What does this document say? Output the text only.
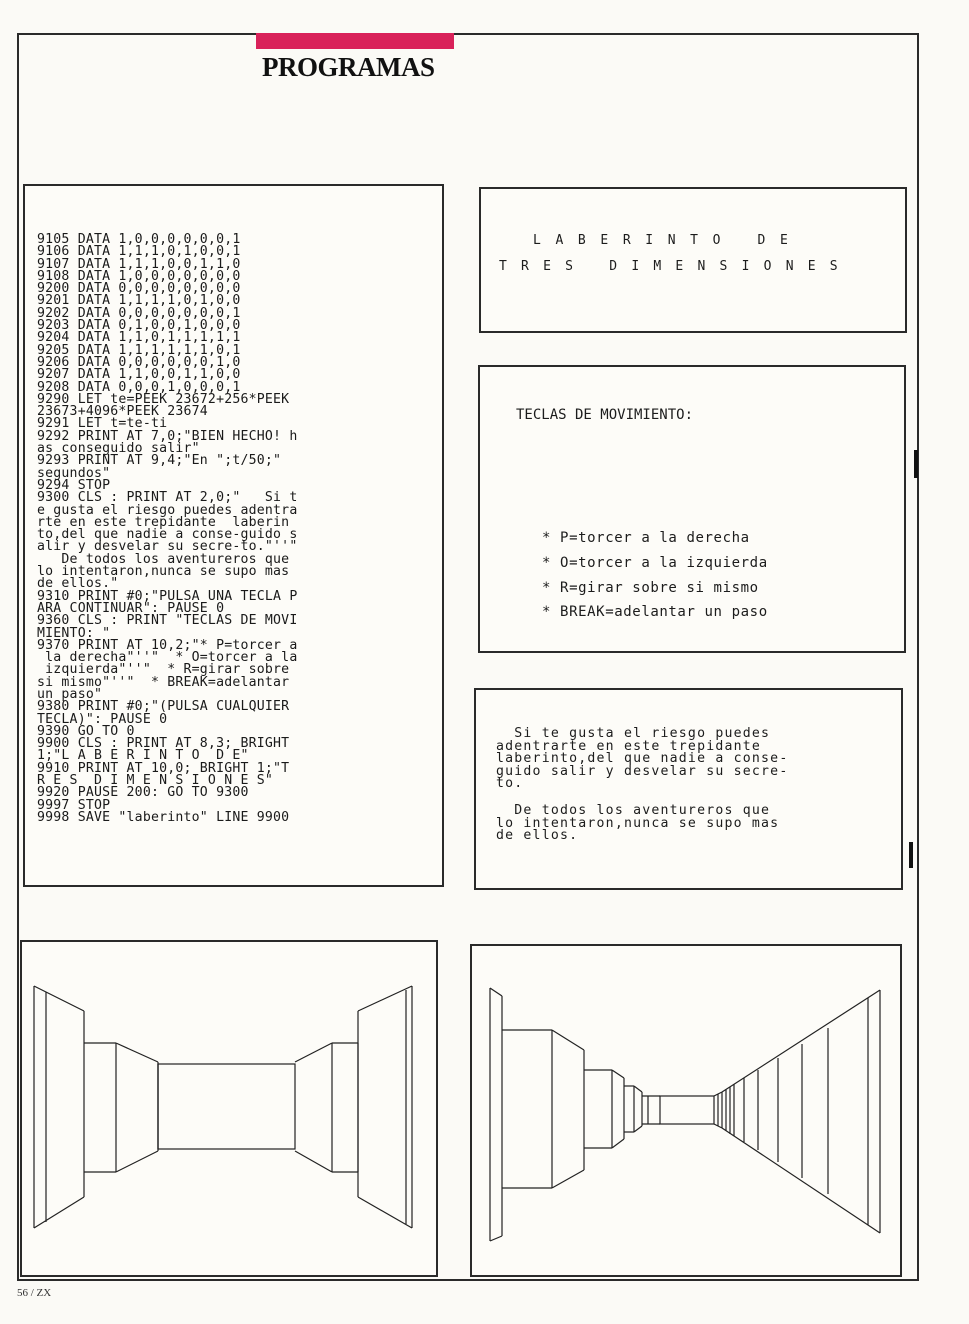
PROGRAMAS
9105 DATA 1,0,0,0,0,0,0,1
9106 DATA 1,1,1,0,1,0,0,1
9107 DATA 1,1,1,0,0,1,1,0
9108 DATA 1,0,0,0,0,0,0,0
9200 DATA 0,0,0,0,0,0,0,0
9201 DATA 1,1,1,1,0,1,0,0
9202 DATA 0,0,0,0,0,0,0,1
9203 DATA 0,1,0,0,1,0,0,0
9204 DATA 1,1,0,1,1,1,1,1
9205 DATA 1,1,1,1,1,1,0,1
9206 DATA 0,0,0,0,0,0,1,0
9207 DATA 1,1,0,0,1,1,0,0
9208 DATA 0,0,0,1,0,0,0,1
9290 LET te=PEEK 23672+256*PEEK
23673+4096*PEEK 23674
9291 LET t=te-ti
9292 PRINT AT 7,0;"BIEN HECHO! h
as conseguido salir"
9293 PRINT AT 9,4;"En ";t/50;"
segundos"
9294 STOP
9300 CLS : PRINT AT 2,0;"   Si t
e gusta el riesgo puedes adentra
rte en este trepidante  laberin
to,del que nadie a conse-guido s
alir y desvelar su secre-to."''"
De todos los aventureros que
lo intentaron,nunca se supo mas
de ellos."
9310 PRINT #0;"PULSA UNA TECLA P
ARA CONTINUAR": PAUSE 0
9360 CLS : PRINT "TECLAS DE MOVI
MIENTO: "
9370 PRINT AT 10,2;"* P=torcer a
la derecha"''"  * O=torcer a la
izquierda"''"  * R=girar sobre
si mismo"''"  * BREAK=adelantar
un paso"
9380 PRINT #0;"(PULSA CUALQUIER
TECLA)": PAUSE 0
9390 GO TO 0
9900 CLS : PRINT AT 8,3; BRIGHT
1;"L A B E R I N T O  D E"
9910 PRINT AT 10,0; BRIGHT 1;"T
R E S  D I M E N S I O N E S"
9920 PAUSE 200: GO TO 9300
9997 STOP
9998 SAVE "laberinto" LINE 9900
L A B E R I N T O   D E
T R E S   D I M E N S I O N E S
TECLAS DE MOVIMIENTO:
* P=torcer a la derecha
* O=torcer a la izquierda
* R=girar sobre si mismo
* BREAK=adelantar un paso
Si te gusta el riesgo puedes
adentrarte en este trepidante
laberinto,del que nadie a conse-
guido salir y desvelar su secre-
to.
De todos los aventureros que
lo intentaron,nunca se supo mas
de ellos.
56 / ZX
